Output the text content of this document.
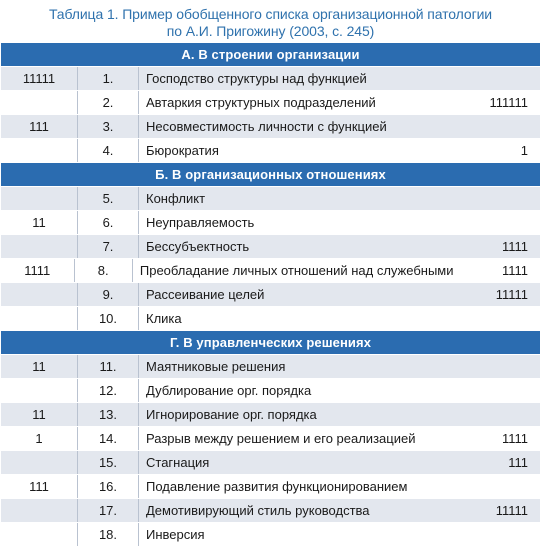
Таблица 1. Пример обобщенного списка организационной патологии
по А.И. Пригожину (2003, с. 245)
А. В строении организации
11111	1.	Господство структуры над функцией
2.	Автаркия структурных подразделений	111111
111	3.	Несовместимость личности с функцией
4.	Бюрократия	1
Б. В организационных отношениях
5.	Конфликт
11	6.	Неуправляемость
7.	Бессубъектность	1111
1111	8.	Преобладание личных отношений над служебными	1111
9.	Рассеивание целей	11111
10.	Клика
Г. В управленческих решениях
11	11.	Маятниковые решения
12.	Дублирование орг. порядка
11	13.	Игнорирование орг. порядка
1	14.	Разрыв между решением и его реализацией	1111
15.	Стагнация	111
111	16.	Подавление развития функционированием
17.	Демотивирующий стиль руководства	11111
18.	Инверсия
